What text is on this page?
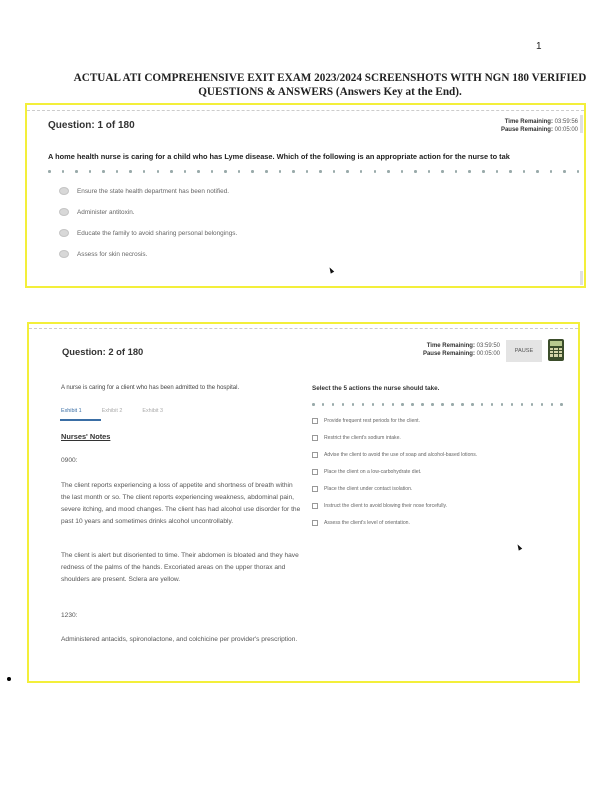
1
ACTUAL ATI COMPREHENSIVE EXIT EXAM 2023/2024 SCREENSHOTS WITH NGN 180 VERIFIED QUESTIONS & ANSWERS (Answers Key at the End).
Question: 1 of 180	Time Remaining: 03:59:56
Pause Remaining: 00:05:00
A home health nurse is caring for a child who has Lyme disease. Which of the following is an appropriate action for the nurse to tak
Ensure the state health department has been notified.
Administer antitoxin.
Educate the family to avoid sharing personal belongings.
Assess for skin necrosis.
Question: 2 of 180	Time Remaining: 03:59:50
Pause Remaining: 00:05:00	PAUSE
A nurse is caring for a client who has been admitted to the hospital.
Exhibit 1	Exhibit 2	Exhibit 3
Nurses' Notes
0900:
The client reports experiencing a loss of appetite and shortness of breath within the last month or so. The client reports experiencing weakness, abdominal pain, severe itching, and mood changes. The client has had alcohol use disorder for the past 10 years and sometimes drinks alcohol uncontrollably.
The client is alert but disoriented to time. Their abdomen is bloated and they have redness of the palms of the hands. Excoriated areas on the upper thorax and shoulders are present. Sclera are yellow.
1230:
Administered antacids, spironolactone, and colchicine per provider's prescription.
Select the 5 actions the nurse should take.
Provide frequent rest periods for the client.
Restrict the client's sodium intake.
Advise the client to avoid the use of soap and alcohol-based lotions.
Place the client on a low-carbohydrate diet.
Place the client under contact isolation.
Instruct the client to avoid blowing their nose forcefully.
Assess the client's level of orientation.
